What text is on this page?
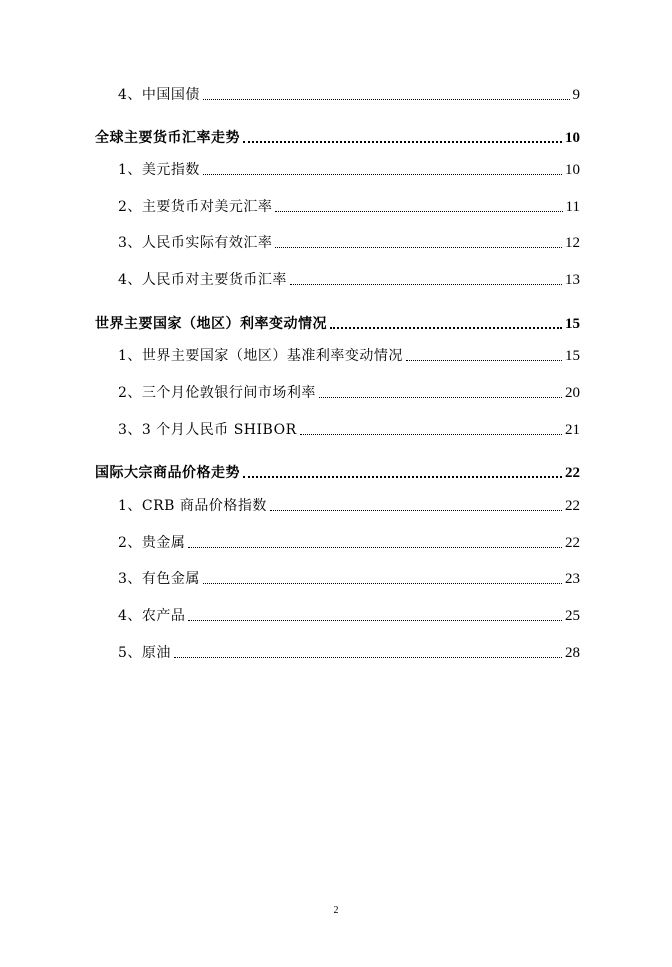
4、中国国债	9
全球主要货币汇率走势	10
1、美元指数	10
2、主要货币对美元汇率	11
3、人民币实际有效汇率	12
4、人民币对主要货币汇率	13
世界主要国家（地区）利率变动情况	15
1、世界主要国家（地区）基准利率变动情况	15
2、三个月伦敦银行间市场利率	20
3、3 个月人民币 SHIBOR	21
国际大宗商品价格走势	22
1、CRB 商品价格指数	22
2、贵金属	22
3、有色金属	23
4、农产品	25
5、原油	28
2
